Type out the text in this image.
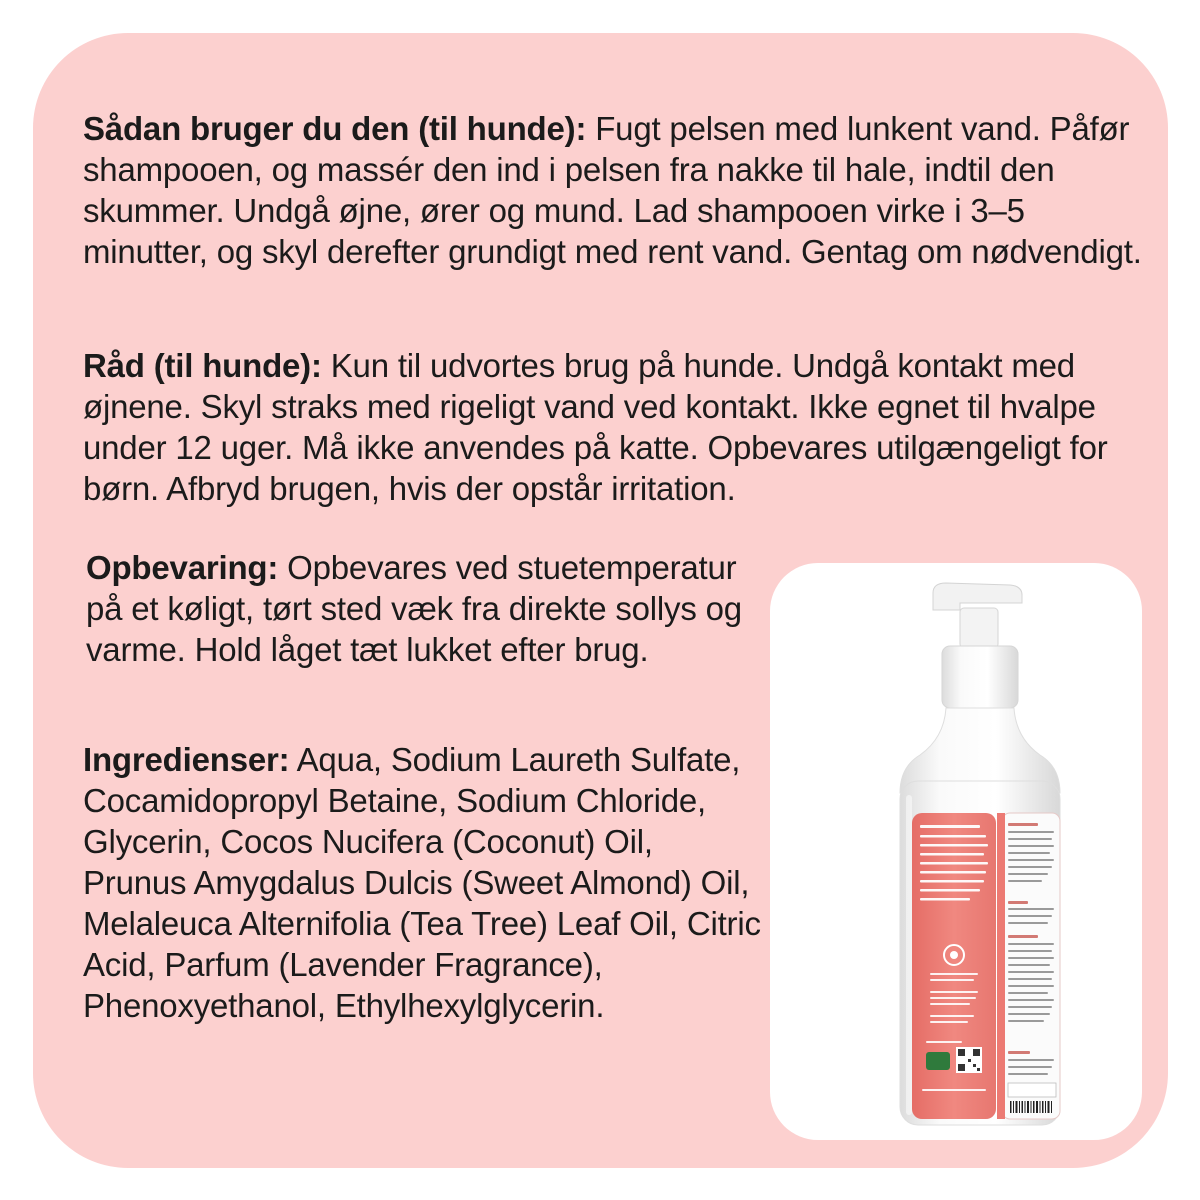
Sådan bruger du den (til hunde): Fugt pelsen med lunkent vand. Påfør shampooen, og massér den ind i pelsen fra nakke til hale, indtil den skummer. Undgå øjne, ører og mund. Lad shampooen virke i 3–5 minutter, og skyl derefter grundigt med rent vand. Gentag om nødvendigt.

Råd (til hunde): Kun til udvortes brug på hunde. Undgå kontakt med øjnene. Skyl straks med rigeligt vand ved kontakt. Ikke egnet til hvalpe under 12 uger. Må ikke anvendes på katte. Opbevares utilgængeligt for børn. Afbryd brugen, hvis der opstår irritation.

Opbevaring: Opbevares ved stuetemperatur på et køligt, tørt sted væk fra direkte sollys og varme. Hold låget tæt lukket efter brug.

Ingredienser: Aqua, Sodium Laureth Sulfate, Cocamidopropyl Betaine, Sodium Chloride, Glycerin, Cocos Nucifera (Coconut) Oil, Prunus Amygdalus Dulcis (Sweet Almond) Oil, Melaleuca Alternifolia (Tea Tree) Leaf Oil, Citric Acid, Parfum (Lavender Fragrance), Phenoxyethanol, Ethylhexylglycerin.
